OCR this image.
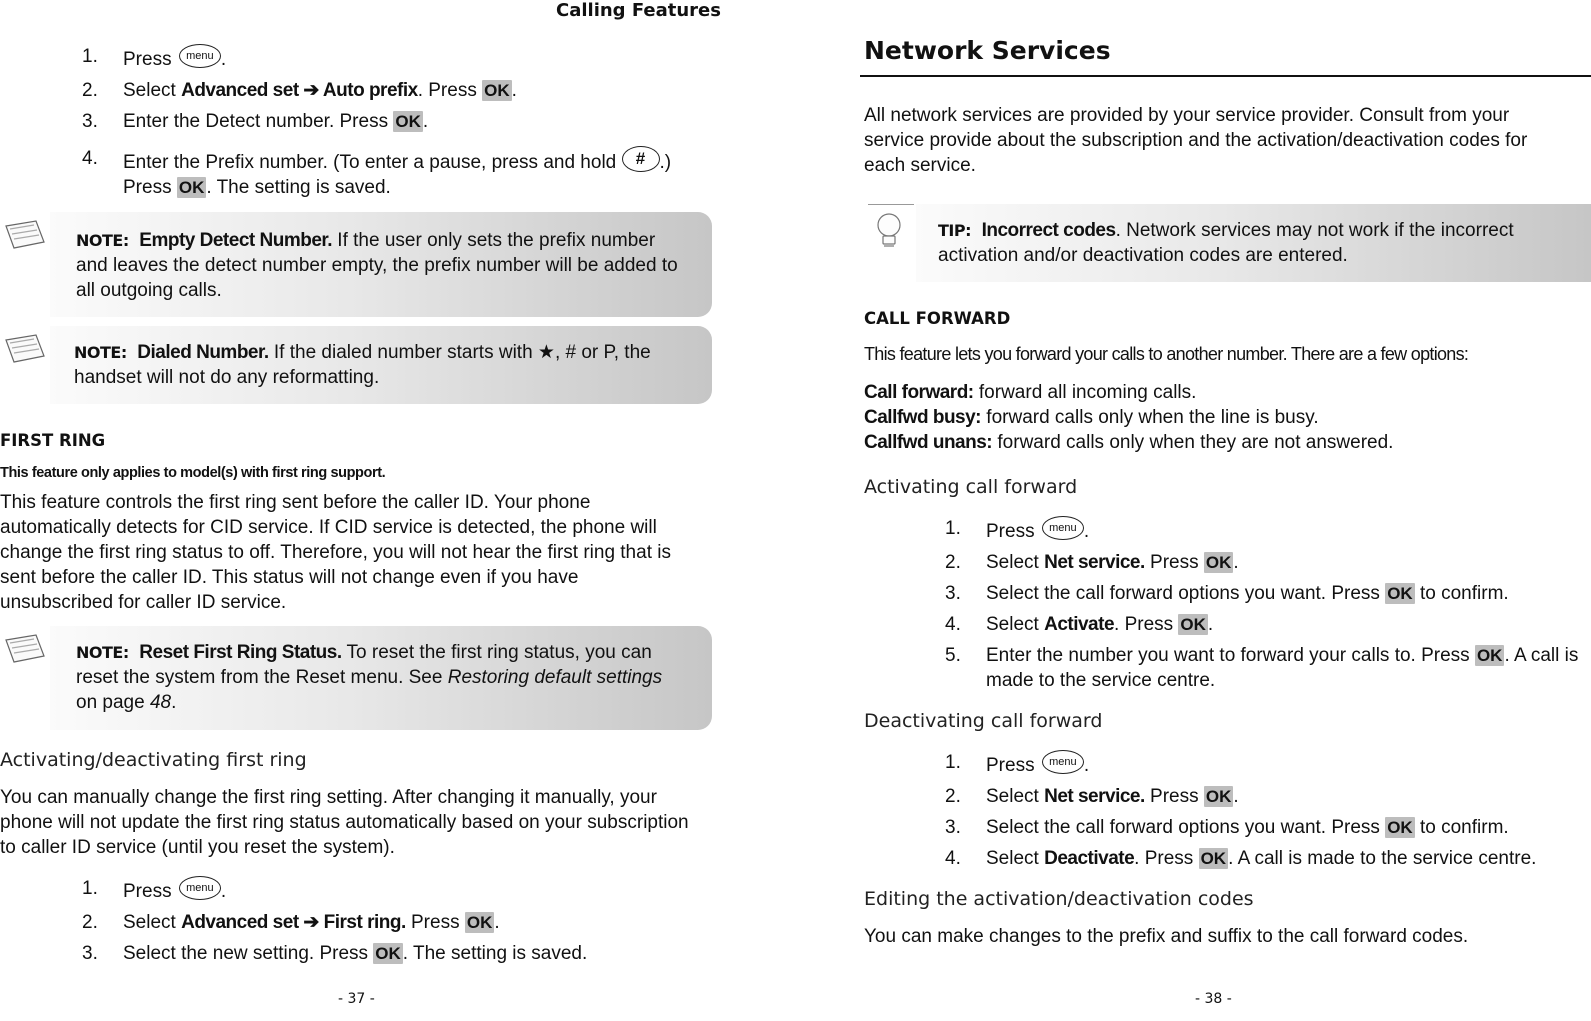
Calling Features
1.	Press menu .
2.	Select Advanced set ➔ Auto prefix. Press OK .
3.	Enter the Detect number. Press OK .
4.	Enter the Prefix number. (To enter a pause, press and hold # .)
Press OK . The setting is saved.
NOTE: Empty Detect Number. If the user only sets the prefix number and leaves the detect number empty, the prefix number will be added to all outgoing calls.
NOTE: Dialed Number. If the dialed number starts with ★, # or P, the handset will not do any reformatting.
FIRST RING
This feature only applies to model(s) with first ring support.
This feature controls the first ring sent before the caller ID. Your phone automatically detects for CID service. If CID service is detected, the phone will change the first ring status to off. Therefore, you will not hear the first ring that is sent before the caller ID. This status will not change even if you have unsubscribed for caller ID service.
NOTE: Reset First Ring Status. To reset the first ring status, you can reset the system from the Reset menu. See Restoring default settings on page 48.
Activating/deactivating first ring
You can manually change the first ring setting. After changing it manually, your phone will not update the first ring status automatically based on your subscription to caller ID service (until you reset the system).
1.	Press menu .
2.	Select Advanced set ➔ First ring. Press OK .
3.	Select the new setting. Press OK . The setting is saved.
- 37 -
Network Services
All network services are provided by your service provider. Consult from your service provide about the subscription and the activation/deactivation codes for each service.
TIP: Incorrect codes. Network services may not work if the incorrect activation and/or deactivation codes are entered.
CALL FORWARD
This feature lets you forward your calls to another number. There are a few options:
Call forward: forward all incoming calls.
Callfwd busy: forward calls only when the line is busy.
Callfwd unans: forward calls only when they are not answered.
Activating call forward
1.	Press menu .
2.	Select Net service. Press OK .
3.	Select the call forward options you want. Press OK to confirm.
4.	Select Activate. Press OK .
5.	Enter the number you want to forward your calls to. Press OK . A call is made to the service centre.
Deactivating call forward
1.	Press menu .
2.	Select Net service. Press OK .
3.	Select the call forward options you want. Press OK to confirm.
4.	Select Deactivate. Press OK . A call is made to the service centre.
Editing the activation/deactivation codes
You can make changes to the prefix and suffix to the call forward codes.
- 38 -
